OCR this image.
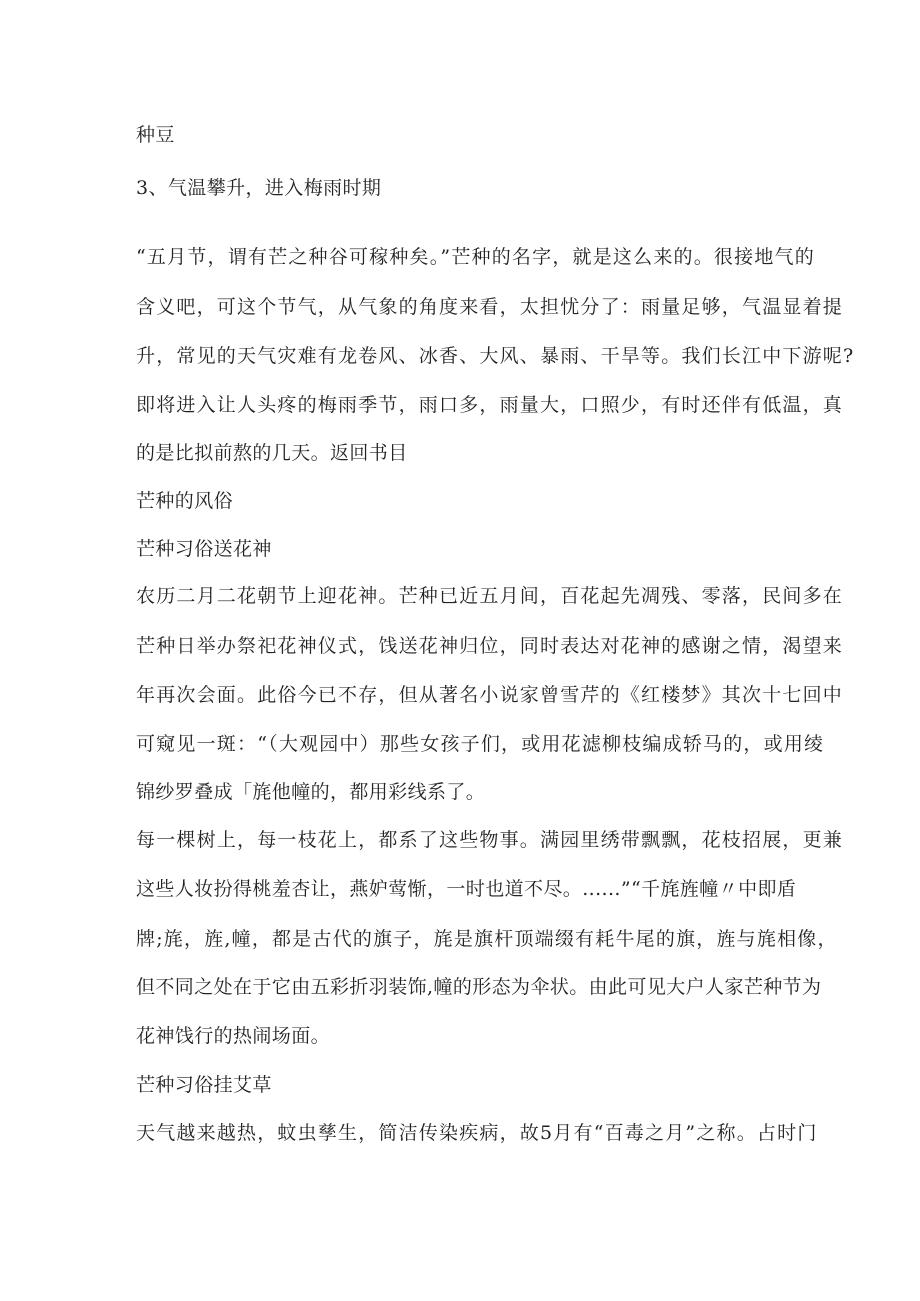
种豆
3、气温攀升，进入梅雨时期
“五月节，谓有芒之种谷可稼种矣。”芒种的名字，就是这么来的。很接地气的
含义吧，可这个节气，从气象的角度来看，太担忧分了：雨量足够，气温显着提
升，常见的天气灾难有龙卷风、冰香、大风、暴雨、干旱等。我们长江中下游呢?
即将进入让人头疼的梅雨季节，雨口多，雨量大，口照少，有时还伴有低温，真
的是比拟前熬的几天。返回书目
芒种的风俗
芒种习俗送花神
农历二月二花朝节上迎花神。芒种已近五月间，百花起先凋残、零落，民间多在
芒种日举办祭祀花神仪式，饯送花神归位，同时表达对花神的感谢之情，渴望来
年再次会面。此俗今已不存，但从著名小说家曾雪芹的《红楼梦》其次十七回中
可窥见一斑：“（大观园中）那些女孩子们，或用花滤柳枝编成轿马的，或用绫
锦纱罗叠成「旄他幢的，都用彩线系了。
每一棵树上，每一枝花上，都系了这些物事。满园里绣带飘飘，花枝招展，更兼
这些人妆扮得桃羞杏让，燕妒莺惭，一时也道不尽。......”“千旄旌幢〃中即盾
牌;旄，旌,幢，都是古代的旗子，旄是旗杆顶端缀有耗牛尾的旗，旌与旄相像，
但不同之处在于它由五彩折羽装饰,幢的形态为伞状。由此可见大户人家芒种节为
花神饯行的热闹场面。
芒种习俗挂艾草
天气越来越热，蚊虫孳生，简洁传染疾病，故5月有“百毒之月”之称。占时门
